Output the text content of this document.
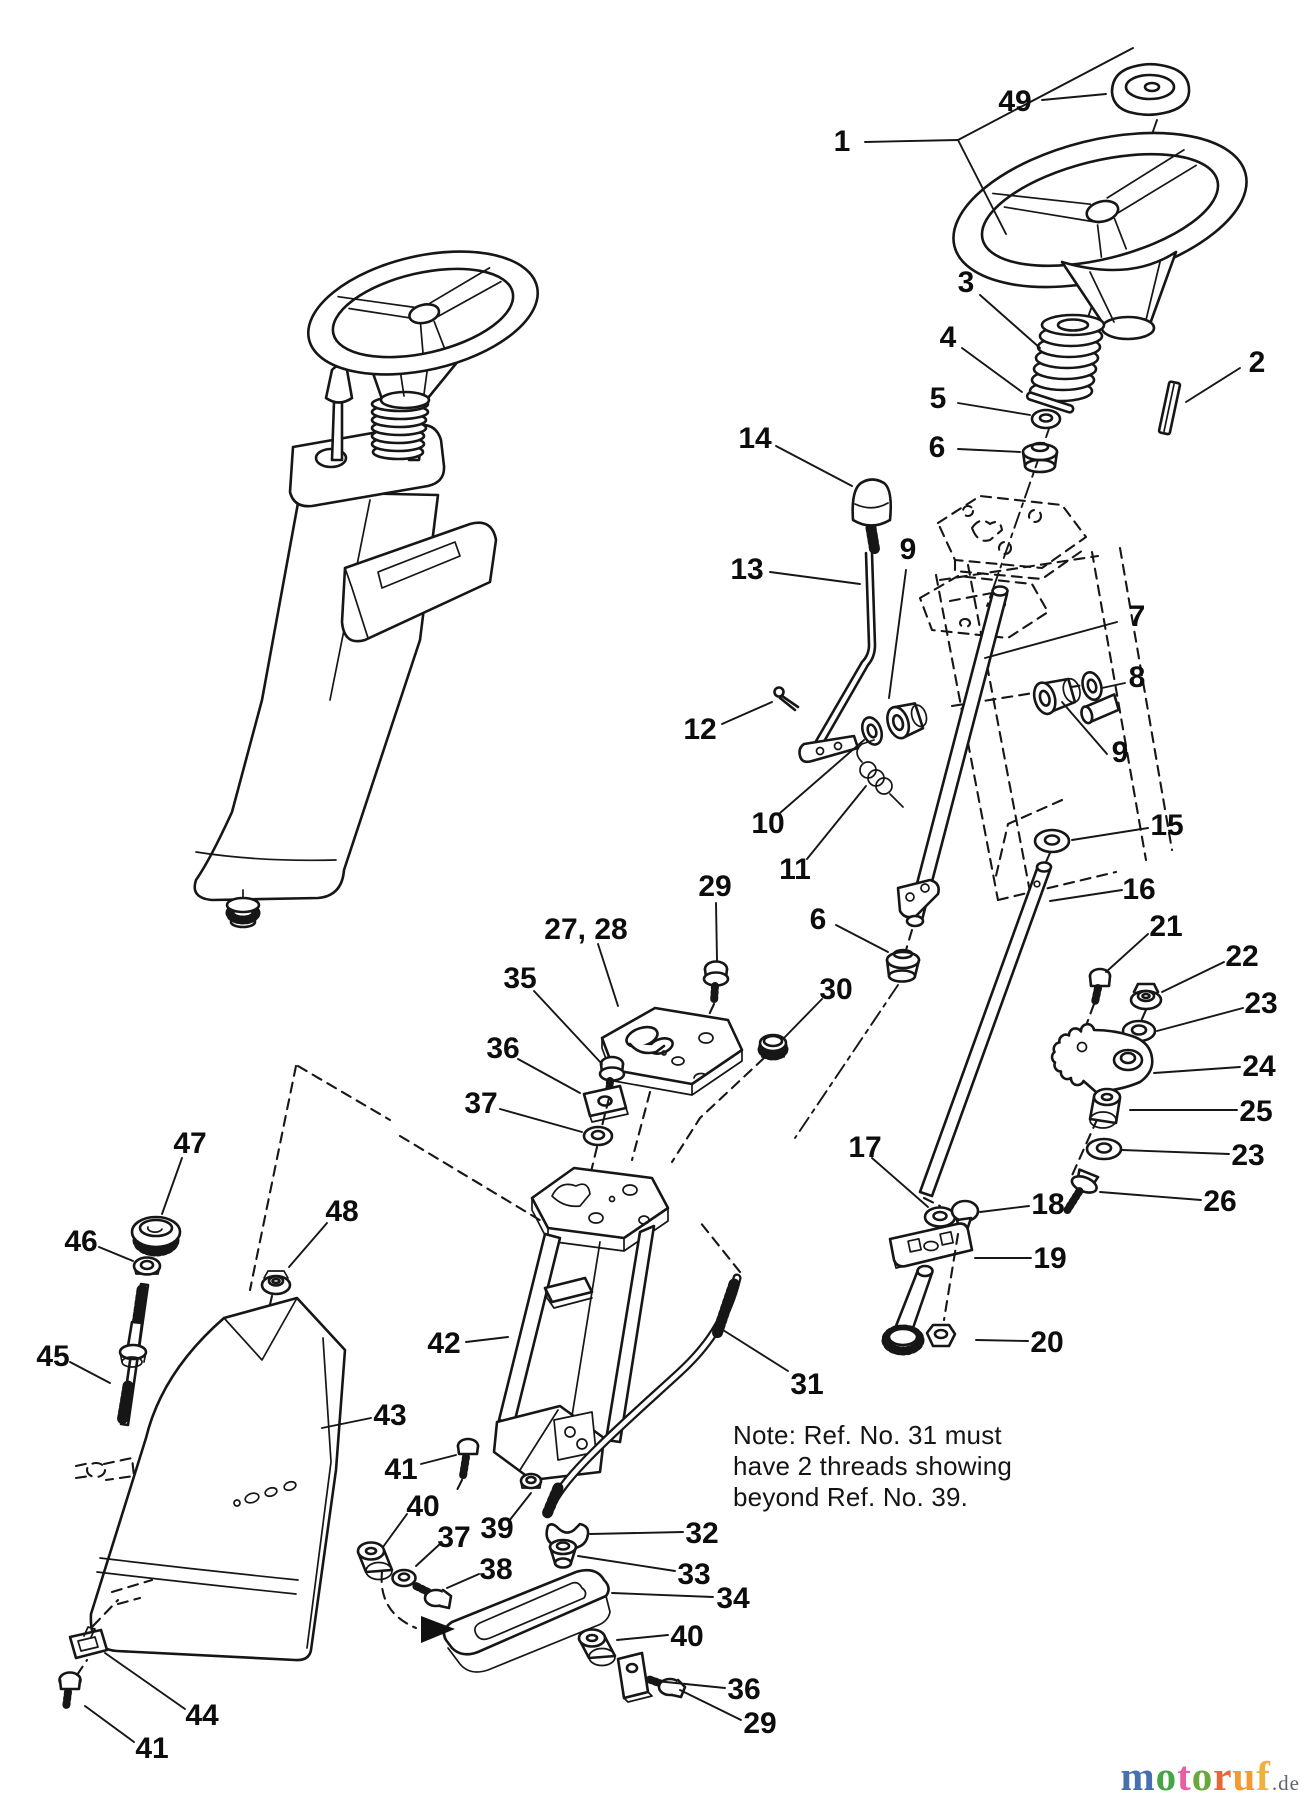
1
49
2
3
4
5
6
14
13
9
7
8
9
12
10
11
6
15
16
21
22
23
24
25
23
26
17
18
19
20
30
29
27, 28
35
36
37
42
31
43
41
40
37
38
39	32
33
34
40
36
29
45
46
47
48
44
41
Note: Ref. No. 31 must
have 2 threads showing
beyond Ref. No. 39.
motoruf.de
